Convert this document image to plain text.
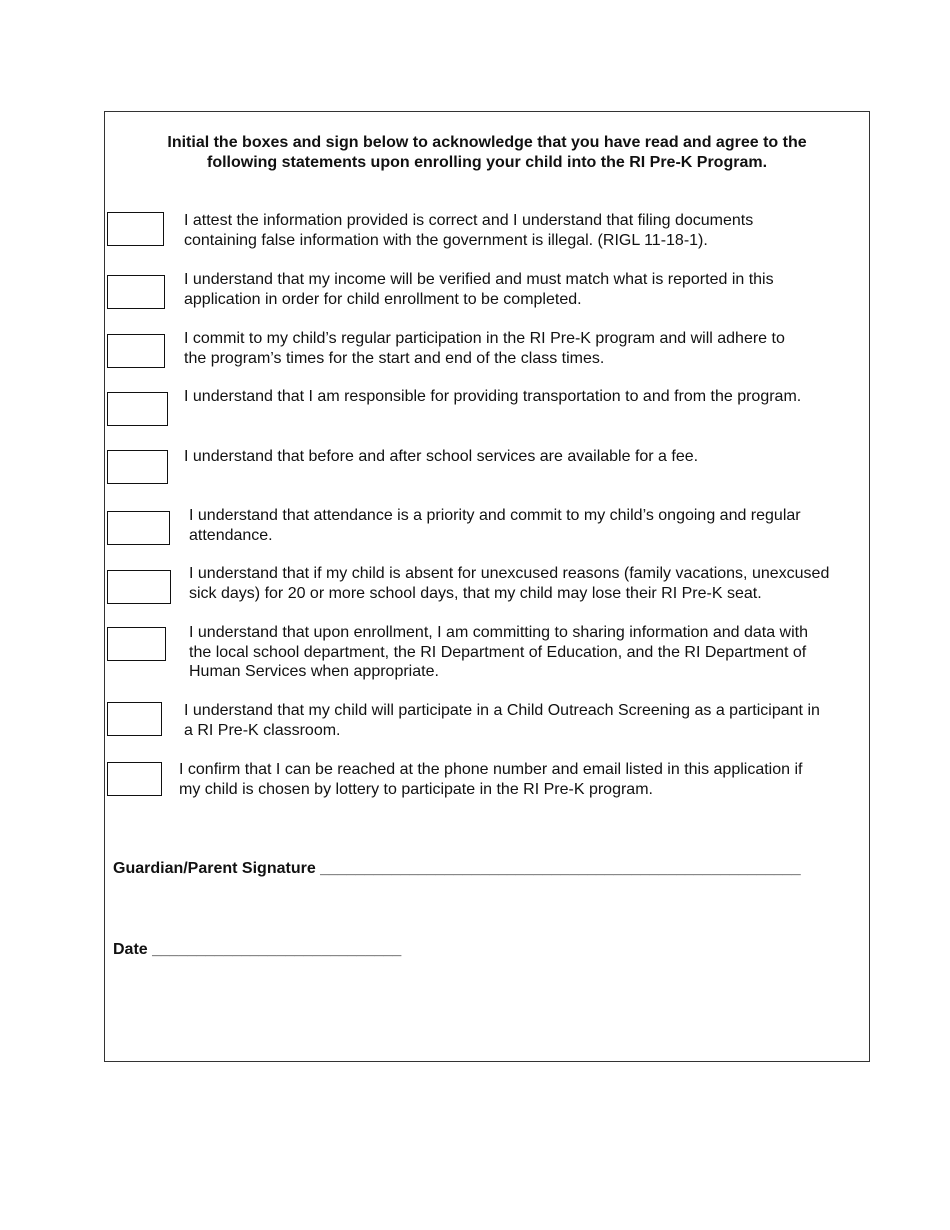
Initial the boxes and sign below to acknowledge that you have read and agree to the
following statements upon enrolling your child into the RI Pre-K Program.
I attest the information provided is correct and I understand that filing documents
containing false information with the government is illegal. (RIGL 11-18-1).
I understand that my income will be verified and must match what is reported in this
application in order for child enrollment to be completed.
I commit to my child’s regular participation in the RI Pre-K program and will adhere to
the program’s times for the start and end of the class times.
I understand that I am responsible for providing transportation to and from the program.
I understand that before and after school services are available for a fee.
I understand that attendance is a priority and commit to my child’s ongoing and regular
attendance.
I understand that if my child is absent for unexcused reasons (family vacations, unexcused
sick days) for 20 or more school days, that my child may lose their RI Pre-K seat.
I understand that upon enrollment, I am committing to sharing information and data with
the local school department, the RI Department of Education, and the RI Department of
Human Services when appropriate.
I understand that my child will participate in a Child Outreach Screening as a participant in
a RI Pre-K classroom.
I confirm that I can be reached at the phone number and email listed in this application if
my child is chosen by lottery to participate in the RI Pre-K program.
Guardian/Parent Signature ______________________________________________________
Date ____________________________
